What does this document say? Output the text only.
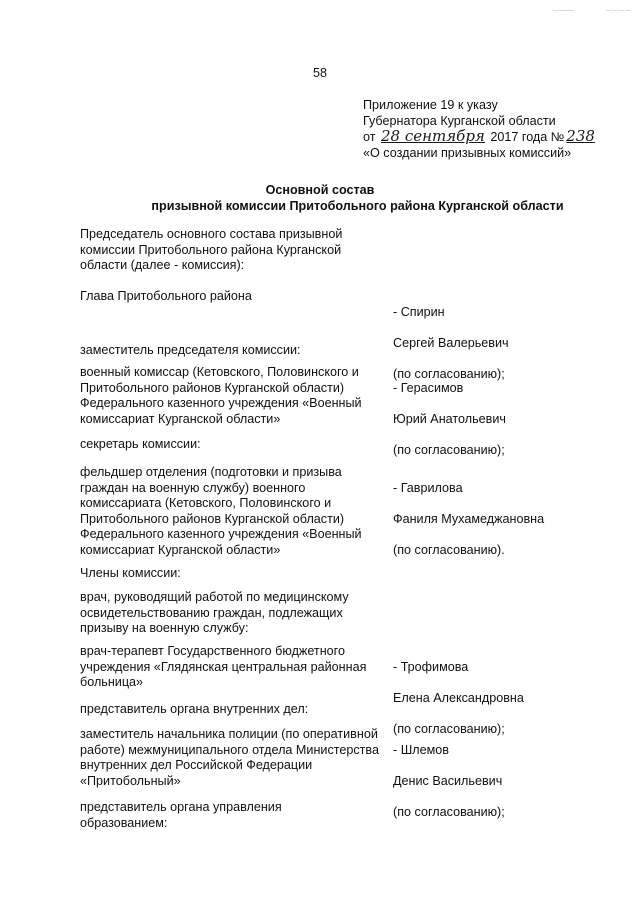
— ———	— — — —
58
Приложение 19 к указу
Губернатора Курганской области
от 28 сентября 2017 года № 238
«О создании призывных комиссий»
Основной состав
призывной комиссии Притобольного района Курганской области
Председатель основного состава призывной
комиссии Притобольного района Курганской
области (далее - комиссия):
Глава Притобольного района

- Спирин

Сергей Валерьевич

(по согласованию);

заместитель председателя комиссии:
военный комиссар (Кетовского, Половинского и
Притобольного районов Курганской области)
Федерального казенного учреждения «Военный
комиссариат Курганской области»

- Герасимов

Юрий Анатольевич

(по согласованию);

секретарь комиссии:
фельдшер отделения (подготовки и призыва
граждан на военную службу) военного
комиссариата (Кетовского, Половинского и
Притобольного районов Курганской области)
Федерального казенного учреждения «Военный
комиссариат Курганской области»

- Гаврилова

Фаниля Мухамеджановна

(по согласованию).

Члены комиссии:
врач, руководящий работой по медицинскому
освидетельствованию граждан, подлежащих
призыву на военную службу:
врач-терапевт Государственного бюджетного
учреждения «Глядянская центральная районная
больница»

- Трофимова

Елена Александровна

(по согласованию);

представитель органа внутренних дел:
заместитель начальника полиции (по оперативной
работе) межмуниципального отдела Министерства
внутренних дел Российской Федерации
«Притобольный»

- Шлемов

Денис Васильевич

(по согласованию);

представитель органа управления
образованием:
